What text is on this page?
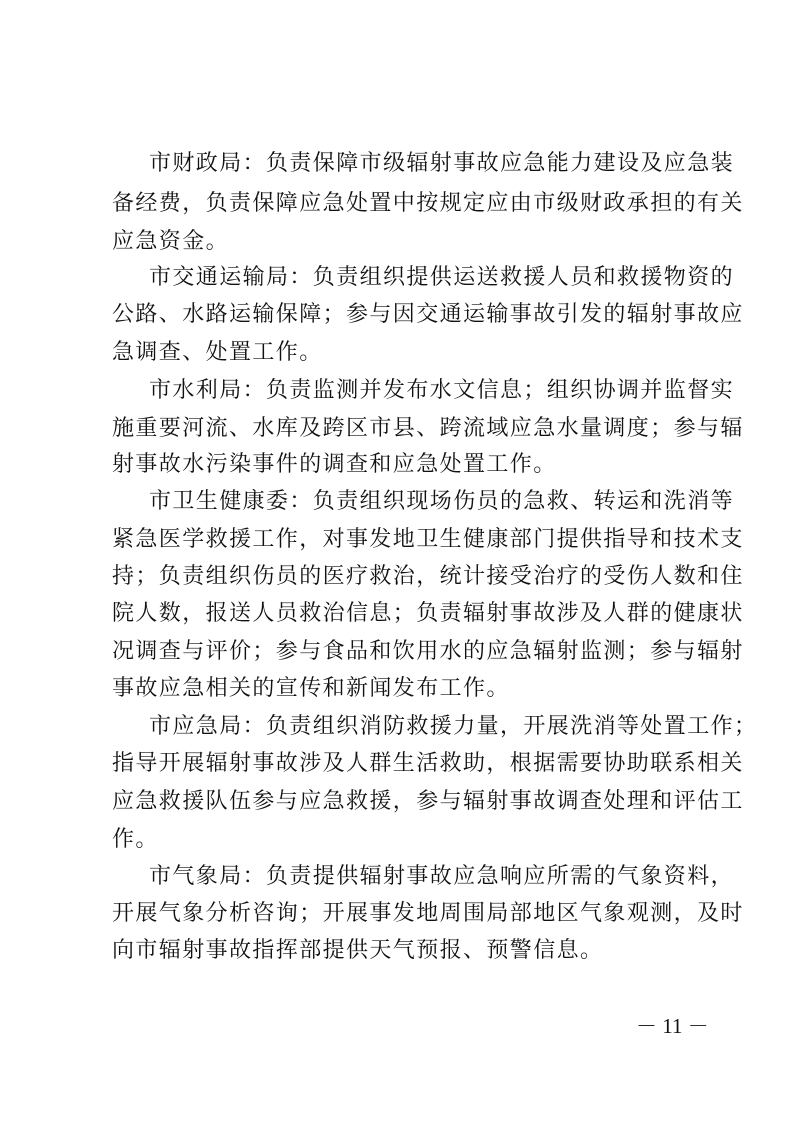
市财政局：负责保障市级辐射事故应急能力建设及应急装
备经费，负责保障应急处置中按规定应由市级财政承担的有关
应急资金。
市交通运输局：负责组织提供运送救援人员和救援物资的
公路、水路运输保障；参与因交通运输事故引发的辐射事故应
急调查、处置工作。
市水利局：负责监测并发布水文信息；组织协调并监督实
施重要河流、水库及跨区市县、跨流域应急水量调度；参与辐
射事故水污染事件的调查和应急处置工作。
市卫生健康委：负责组织现场伤员的急救、转运和洗消等
紧急医学救援工作，对事发地卫生健康部门提供指导和技术支
持；负责组织伤员的医疗救治，统计接受治疗的受伤人数和住
院人数，报送人员救治信息；负责辐射事故涉及人群的健康状
况调查与评价；参与食品和饮用水的应急辐射监测；参与辐射
事故应急相关的宣传和新闻发布工作。
市应急局：负责组织消防救援力量，开展洗消等处置工作；
指导开展辐射事故涉及人群生活救助，根据需要协助联系相关
应急救援队伍参与应急救援，参与辐射事故调查处理和评估工
作。
市气象局：负责提供辐射事故应急响应所需的气象资料，
开展气象分析咨询；开展事发地周围局部地区气象观测，及时
向市辐射事故指挥部提供天气预报、预警信息。
－ 11 －
